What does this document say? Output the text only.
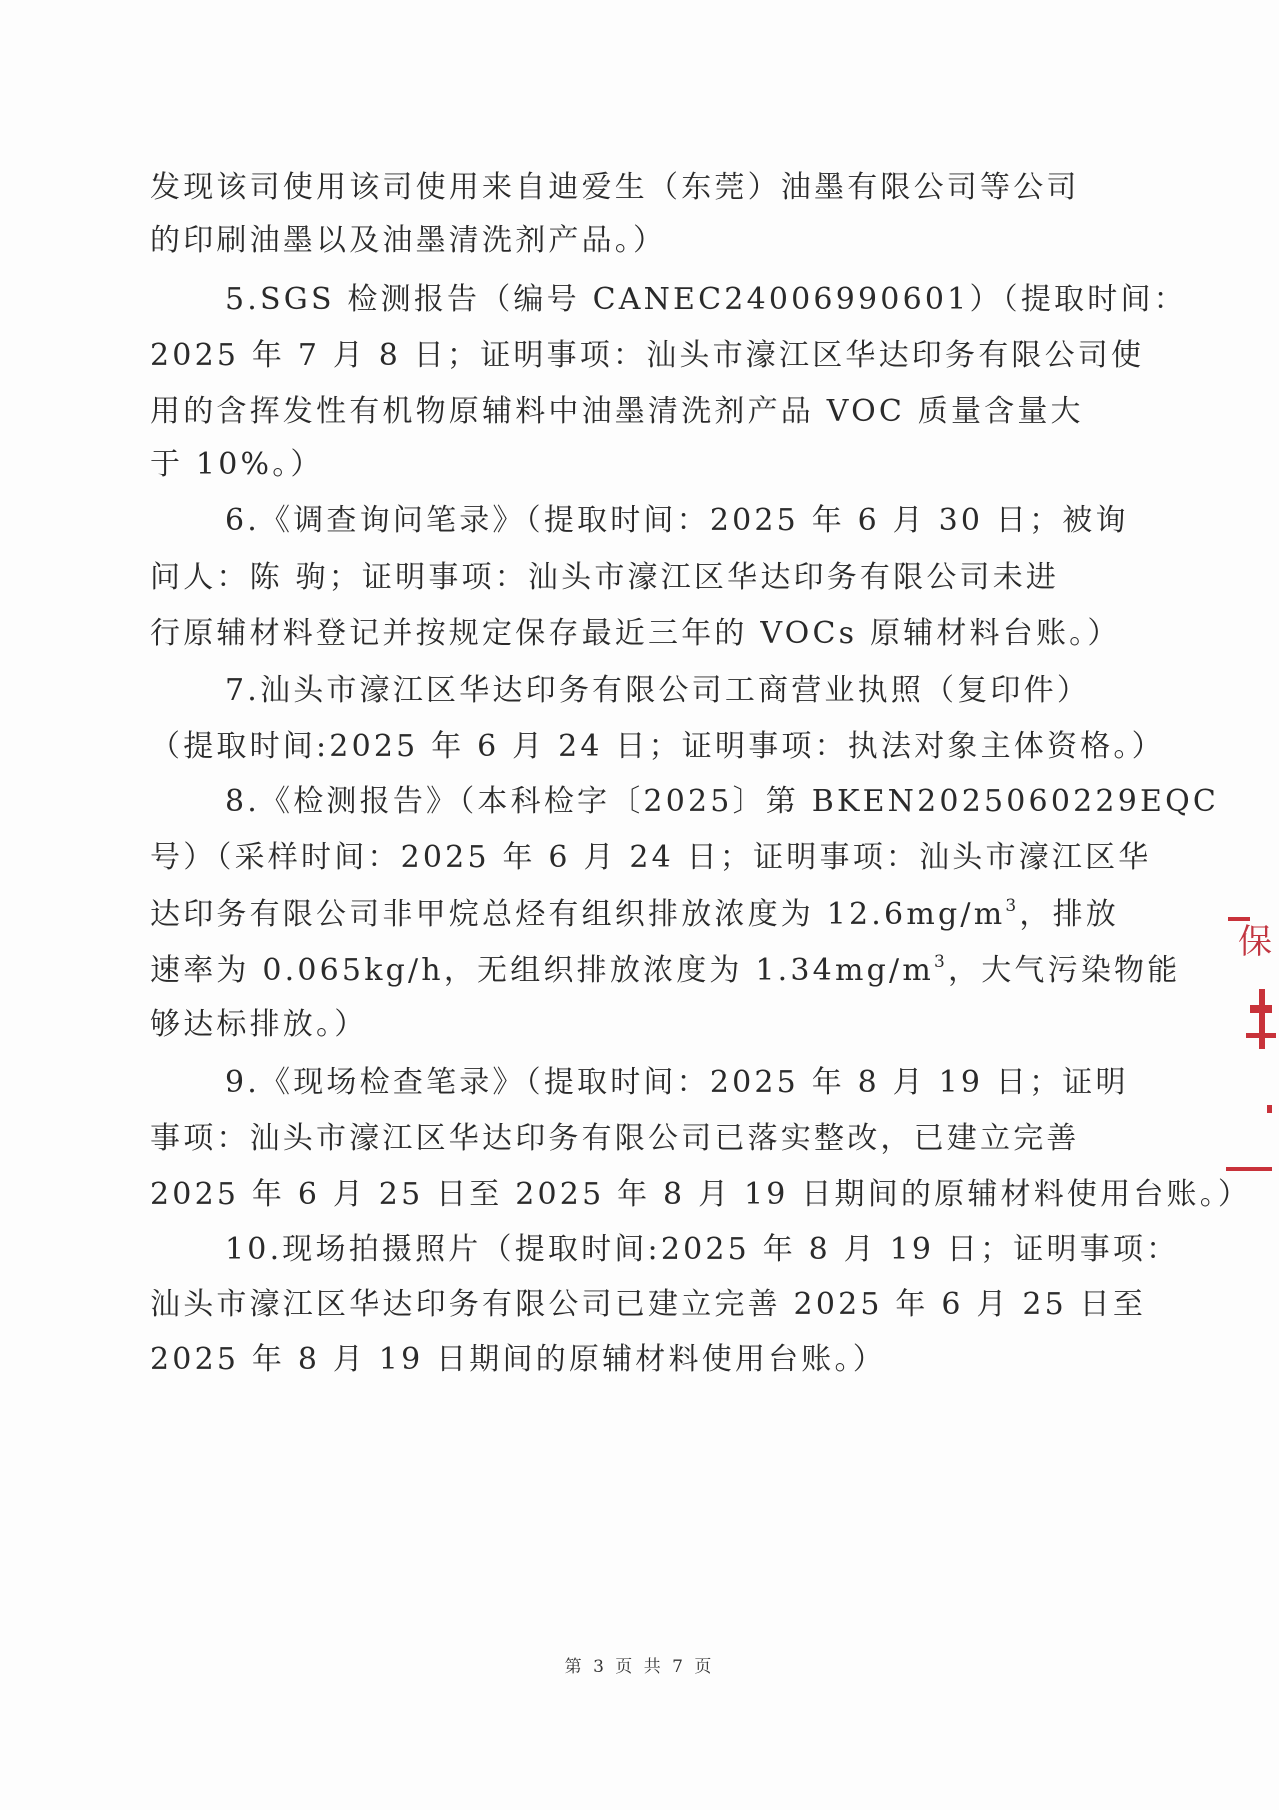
发现该司使用该司使用来自迪爱生（东莞）油墨有限公司等公司
的印刷油墨以及油墨清洗剂产品。）
5.SGS 检测报告（编号 CANEC24006990601）（提取时间：
2025 年 7 月 8 日；证明事项：汕头市濠江区华达印务有限公司使
用的含挥发性有机物原辅料中油墨清洗剂产品 VOC 质量含量大
于 10%。）
6.《调查询问笔录》（提取时间：2025 年 6 月 30 日；被询
问人：陈 驹；证明事项：汕头市濠江区华达印务有限公司未进
行原辅材料登记并按规定保存最近三年的 VOCs 原辅材料台账。）
7.汕头市濠江区华达印务有限公司工商营业执照（复印件）
（提取时间:2025 年 6 月 24 日；证明事项：执法对象主体资格。）
8.《检测报告》（本科检字〔2025〕第 BKEN2025060229EQC
号）（采样时间：2025 年 6 月 24 日；证明事项：汕头市濠江区华
达印务有限公司非甲烷总烃有组织排放浓度为 $12.6mg/m^3$，排放
速率为 0.065kg/h，无组织排放浓度为 $1.34mg/m^3$，大气污染物能
够达标排放。）
9.《现场检查笔录》（提取时间：2025 年 8 月 19 日；证明
事项：汕头市濠江区华达印务有限公司已落实整改，已建立完善
2025 年 6 月 25 日至 2025 年 8 月 19 日期间的原辅材料使用台账。）
10.现场拍摄照片（提取时间:2025 年 8 月 19 日；证明事项：
汕头市濠江区华达印务有限公司已建立完善 2025 年 6 月 25 日至
2025 年 8 月 19 日期间的原辅材料使用台账。）
第 3 页 共 7 页
保
